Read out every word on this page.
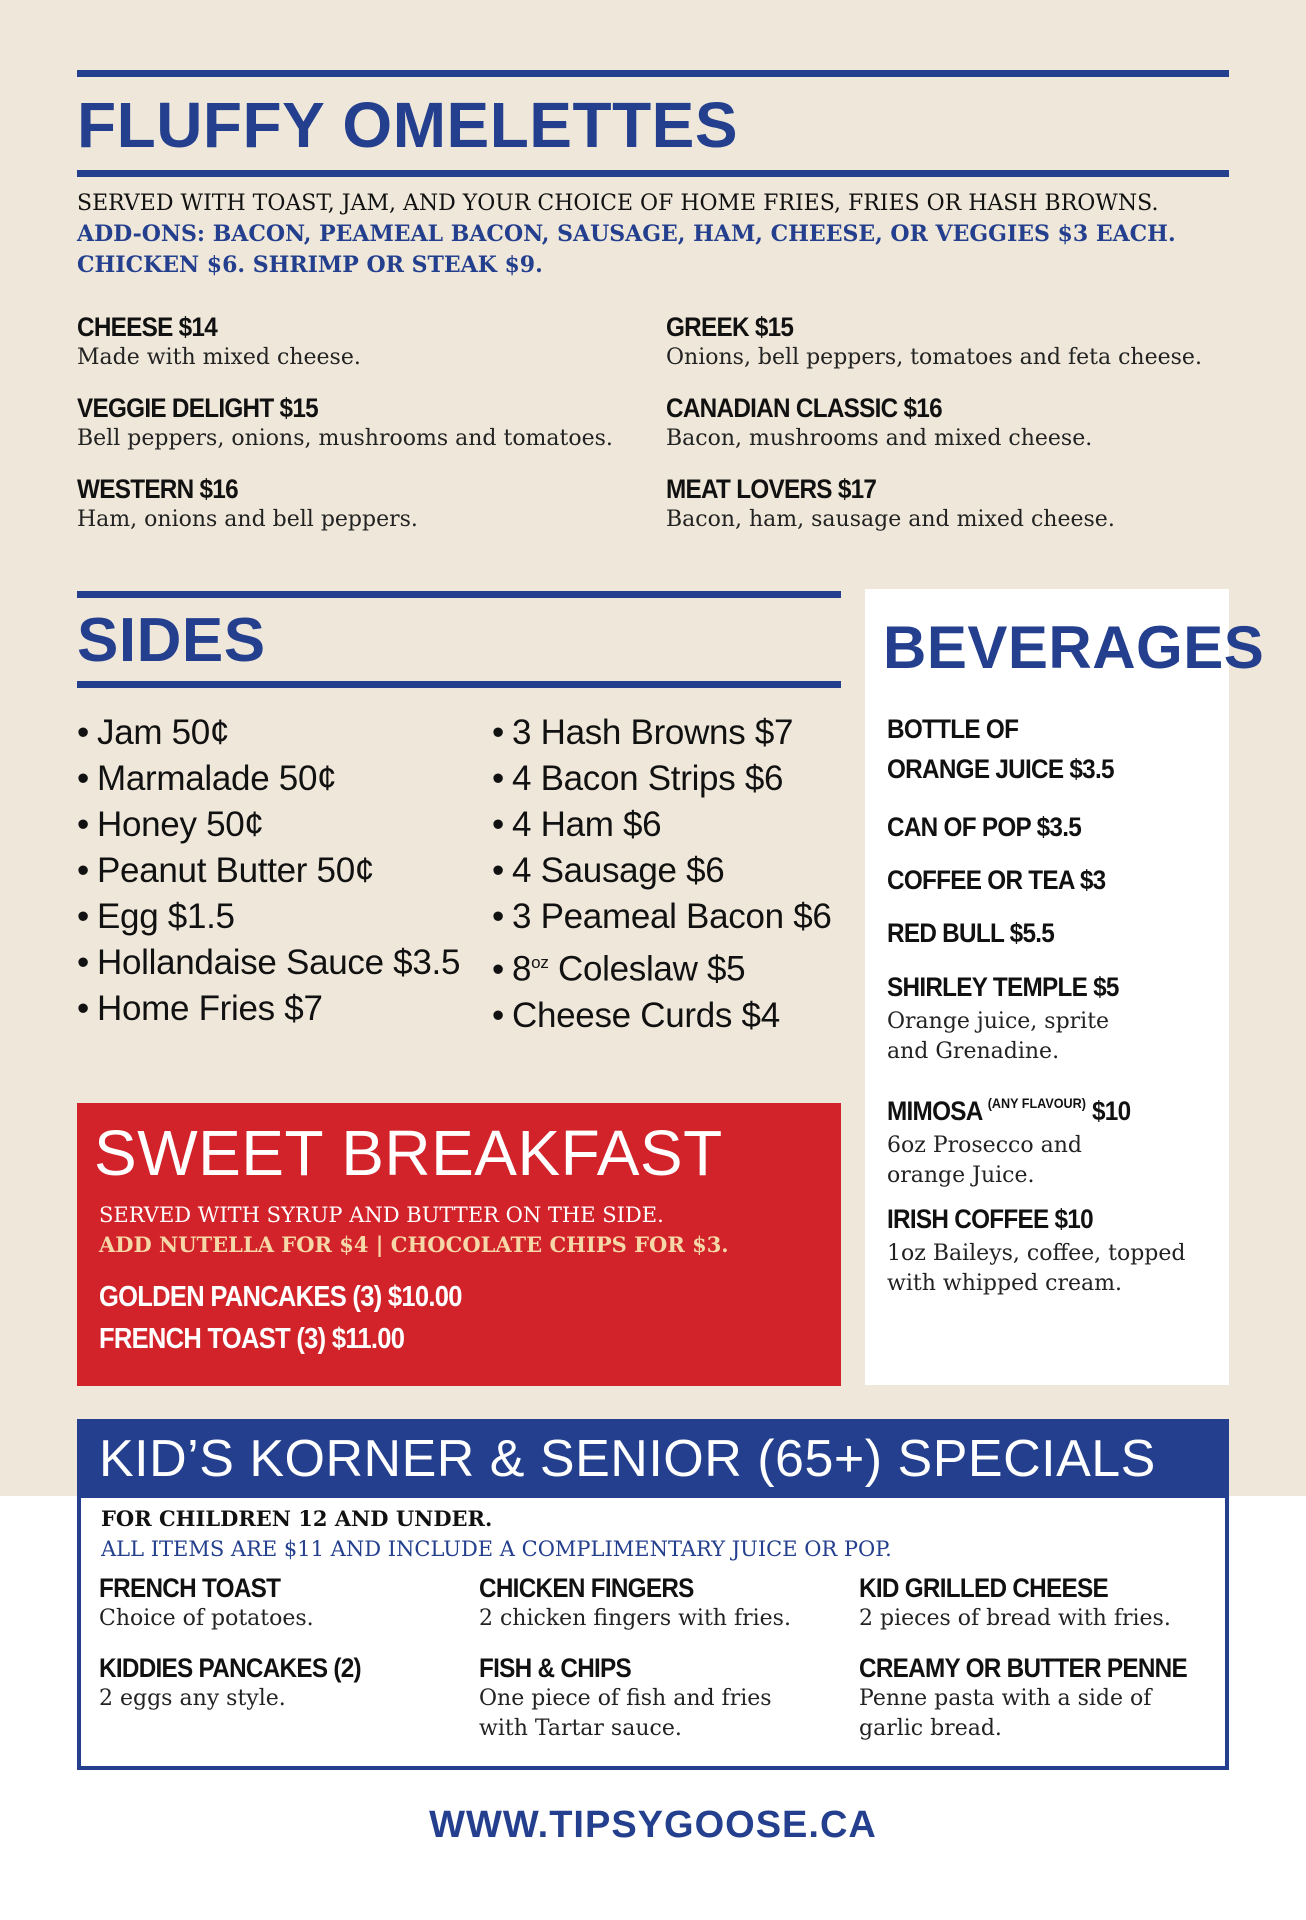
FLUFFY OMELETTES
SERVED WITH TOAST, JAM, AND YOUR CHOICE OF HOME FRIES, FRIES OR HASH BROWNS.
ADD-ONS: BACON, PEAMEAL BACON, SAUSAGE, HAM, CHEESE, OR VEGGIES $3 EACH.
CHICKEN $6. SHRIMP OR STEAK $9.
CHEESE $14
Made with mixed cheese.
VEGGIE DELIGHT $15
Bell peppers, onions, mushrooms and tomatoes.
WESTERN $16
Ham, onions and bell peppers.
GREEK $15
Onions, bell peppers, tomatoes and feta cheese.
CANADIAN CLASSIC $16
Bacon, mushrooms and mixed cheese.
MEAT LOVERS $17
Bacon, ham, sausage and mixed cheese.
SIDES
• Jam 50¢
• Marmalade 50¢
• Honey 50¢
• Peanut Butter 50¢
• Egg $1.5
• Hollandaise Sauce $3.5
• Home Fries $7
• 3 Hash Browns $7
• 4 Bacon Strips $6
• 4 Ham $6
• 4 Sausage $6
• 3 Peameal Bacon $6
• $8^{oz}$ Coleslaw $5
• Cheese Curds $4
BEVERAGES
BOTTLE OF
ORANGE JUICE $3.5
CAN OF POP $3.5
COFFEE OR TEA $3
RED BULL $5.5
SHIRLEY TEMPLE $5
Orange juice, sprite
and Grenadine.
MIMOSA $^{(ANY FLAVOUR)}$ $10
6oz Prosecco and
orange Juice.
IRISH COFFEE $10
1oz Baileys, coffee, topped
with whipped cream.
SWEET BREAKFAST
SERVED WITH SYRUP AND BUTTER ON THE SIDE.
ADD NUTELLA FOR $4 | CHOCOLATE CHIPS FOR $3.
GOLDEN PANCAKES (3) $10.00
FRENCH TOAST (3) $11.00
KID’S KORNER & SENIOR (65+) SPECIALS
FOR CHILDREN 12 AND UNDER.
ALL ITEMS ARE $11 AND INCLUDE A COMPLIMENTARY JUICE OR POP.
FRENCH TOAST
Choice of potatoes.
KIDDIES PANCAKES (2)
2 eggs any style.
CHICKEN FINGERS
2 chicken fingers with fries.
FISH & CHIPS
One piece of fish and fries
with Tartar sauce.
KID GRILLED CHEESE
2 pieces of bread with fries.
CREAMY OR BUTTER PENNE
Penne pasta with a side of
garlic bread.
WWW.TIPSYGOOSE.CA
